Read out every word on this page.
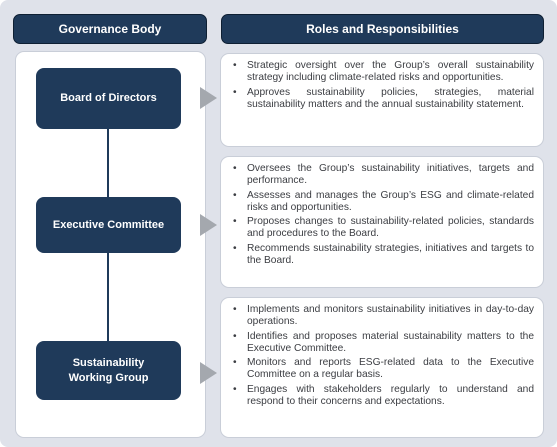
Governance Body	Roles and Responsibilities
Board of Directors
Executive Committee
Sustainability
Working Group
• Strategic oversight over the Group’s overall sustainability strategy including climate-related risks and opportunities.
• Approves sustainability policies, strategies, material sustainability matters and the annual sustainability statement.
• Oversees the Group’s sustainability initiatives, targets and performance.
• Assesses and manages the Group’s ESG and climate-related risks and opportunities.
• Proposes changes to sustainability-related policies, standards and procedures to the Board.
• Recommends sustainability strategies, initiatives and targets to the Board.
• Implements and monitors sustainability initiatives in day-to-day operations.
• Identifies and proposes material sustainability matters to the Executive Committee.
• Monitors and reports ESG-related data to the Executive Committee on a regular basis.
• Engages with stakeholders regularly to understand and respond to their concerns and expectations.
